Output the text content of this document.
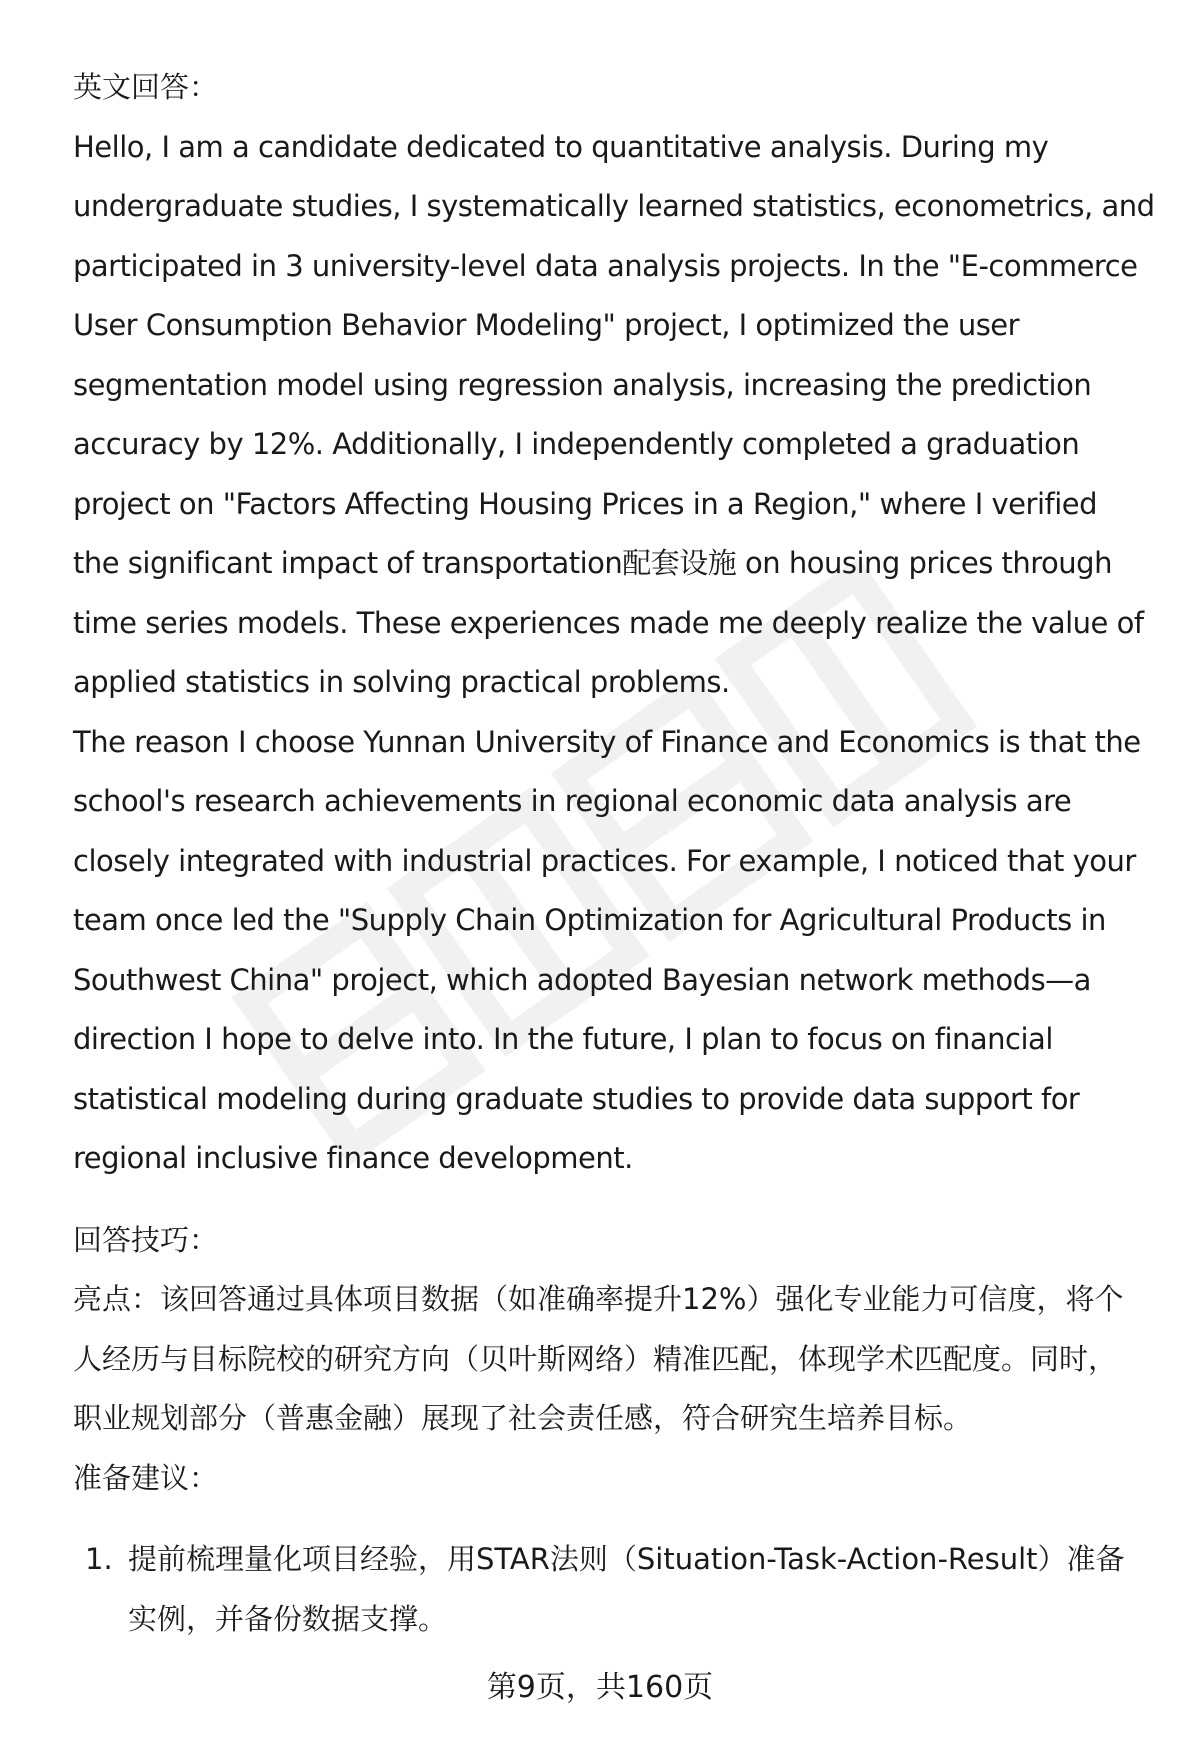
英文回答：
Hello, I am a candidate dedicated to quantitative analysis. During my
undergraduate studies, I systematically learned statistics, econometrics, and
participated in 3 university-level data analysis projects. In the "E-commerce
User Consumption Behavior Modeling" project, I optimized the user
segmentation model using regression analysis, increasing the prediction
accuracy by 12%. Additionally, I independently completed a graduation
project on "Factors Affecting Housing Prices in a Region," where I verified
the significant impact of transportation配套设施 on housing prices through
time series models. These experiences made me deeply realize the value of
applied statistics in solving practical problems.
The reason I choose Yunnan University of Finance and Economics is that the
school's research achievements in regional economic data analysis are
closely integrated with industrial practices. For example, I noticed that your
team once led the "Supply Chain Optimization for Agricultural Products in
Southwest China" project, which adopted Bayesian network methods—a
direction I hope to delve into. In the future, I plan to focus on financial
statistical modeling during graduate studies to provide data support for
regional inclusive finance development.
回答技巧：
亮点：该回答通过具体项目数据（如准确率提升12%）强化专业能力可信度，将个
人经历与目标院校的研究方向（贝叶斯网络）精准匹配，体现学术匹配度。同时，
职业规划部分（普惠金融）展现了社会责任感，符合研究生培养目标。
准备建议：
1. 提前梳理量化项目经验，用STAR法则（Situation-Task-Action-Result）准备
实例，并备份数据支撑。
第9页，共160页
